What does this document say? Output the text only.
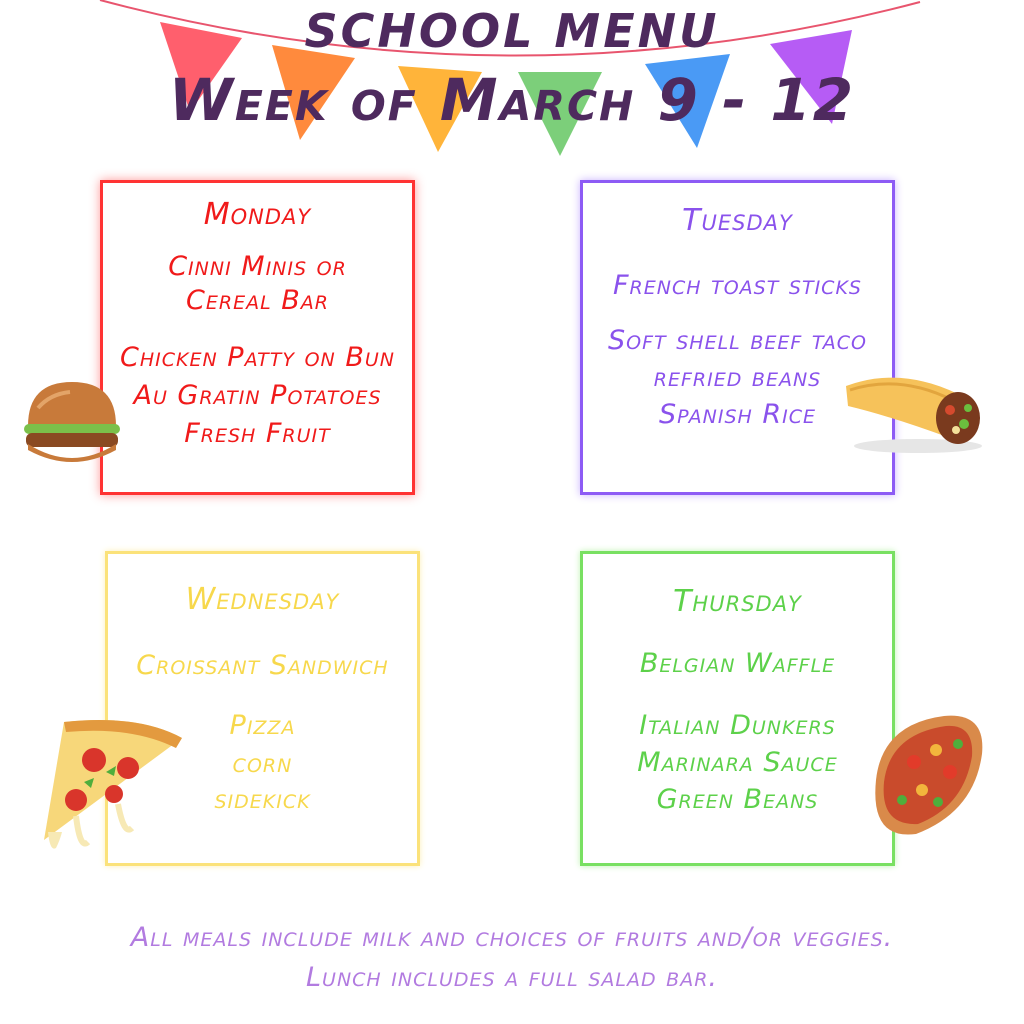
SCHOOL MENU
Week of March 9 - 12
Monday
Cinni Minis or
Cereal Bar
Chicken Patty on Bun
Au Gratin Potatoes
Fresh Fruit
Tuesday
French toast sticks
Soft shell beef taco
refried beans
Spanish Rice
Wednesday
Croissant Sandwich
Pizza
corn
sidekick
Thursday
Belgian Waffle
Italian Dunkers
Marinara Sauce
Green Beans
All meals include milk and choices of fruits and/or veggies.
Lunch includes a full salad bar.
